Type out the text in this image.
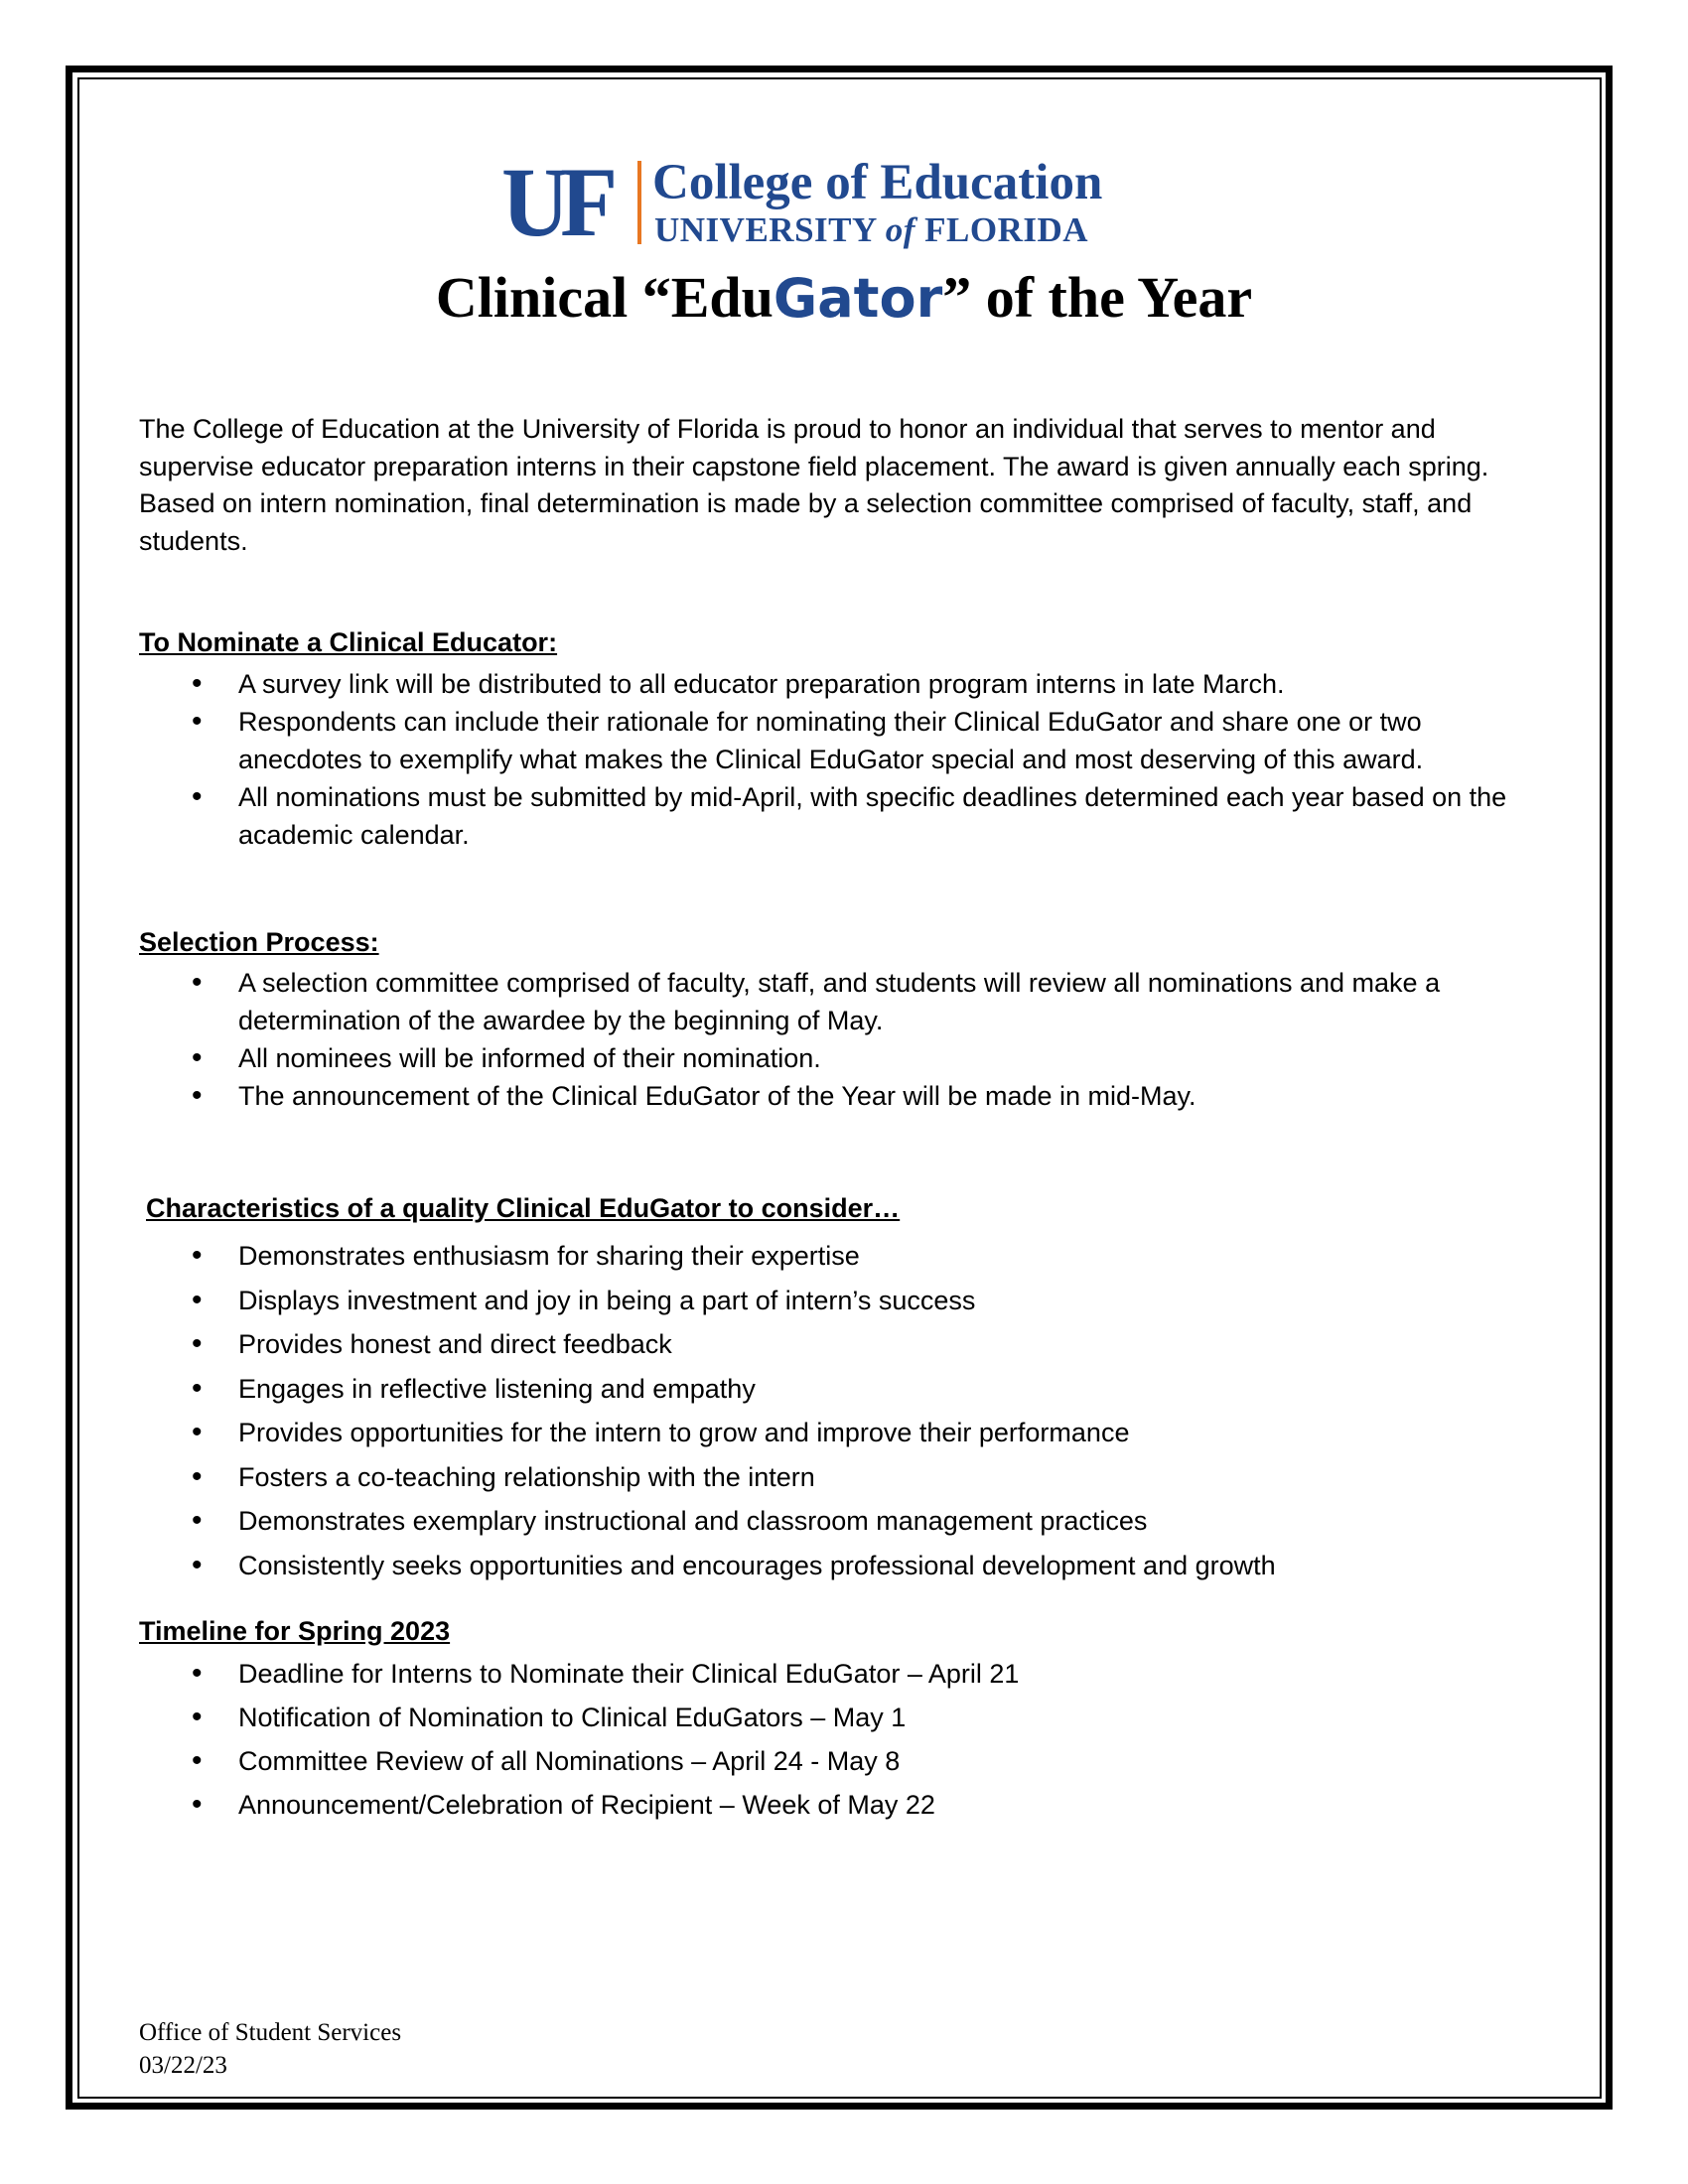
UF College of Education
UNIVERSITY of FLORIDA
Clinical “EduGator” of the Year
The College of Education at the University of Florida is proud to honor an individual that serves to mentor and supervise educator preparation interns in their capstone field placement. The award is given annually each spring. Based on intern nomination, final determination is made by a selection committee comprised of faculty, staff, and students.
To Nominate a Clinical Educator:
• A survey link will be distributed to all educator preparation program interns in late March.
• Respondents can include their rationale for nominating their Clinical EduGator and share one or two anecdotes to exemplify what makes the Clinical EduGator special and most deserving of this award.
• All nominations must be submitted by mid-April, with specific deadlines determined each year based on the academic calendar.
Selection Process:
• A selection committee comprised of faculty, staff, and students will review all nominations and make a determination of the awardee by the beginning of May.
• All nominees will be informed of their nomination.
• The announcement of the Clinical EduGator of the Year will be made in mid-May.
Characteristics of a quality Clinical EduGator to consider…
• Demonstrates enthusiasm for sharing their expertise
• Displays investment and joy in being a part of intern’s success
• Provides honest and direct feedback
• Engages in reflective listening and empathy
• Provides opportunities for the intern to grow and improve their performance
• Fosters a co-teaching relationship with the intern
• Demonstrates exemplary instructional and classroom management practices
• Consistently seeks opportunities and encourages professional development and growth
Timeline for Spring 2023
• Deadline for Interns to Nominate their Clinical EduGator – April 21
• Notification of Nomination to Clinical EduGators – May 1
• Committee Review of all Nominations – April 24 - May 8
• Announcement/Celebration of Recipient – Week of May 22
Office of Student Services
03/22/23
